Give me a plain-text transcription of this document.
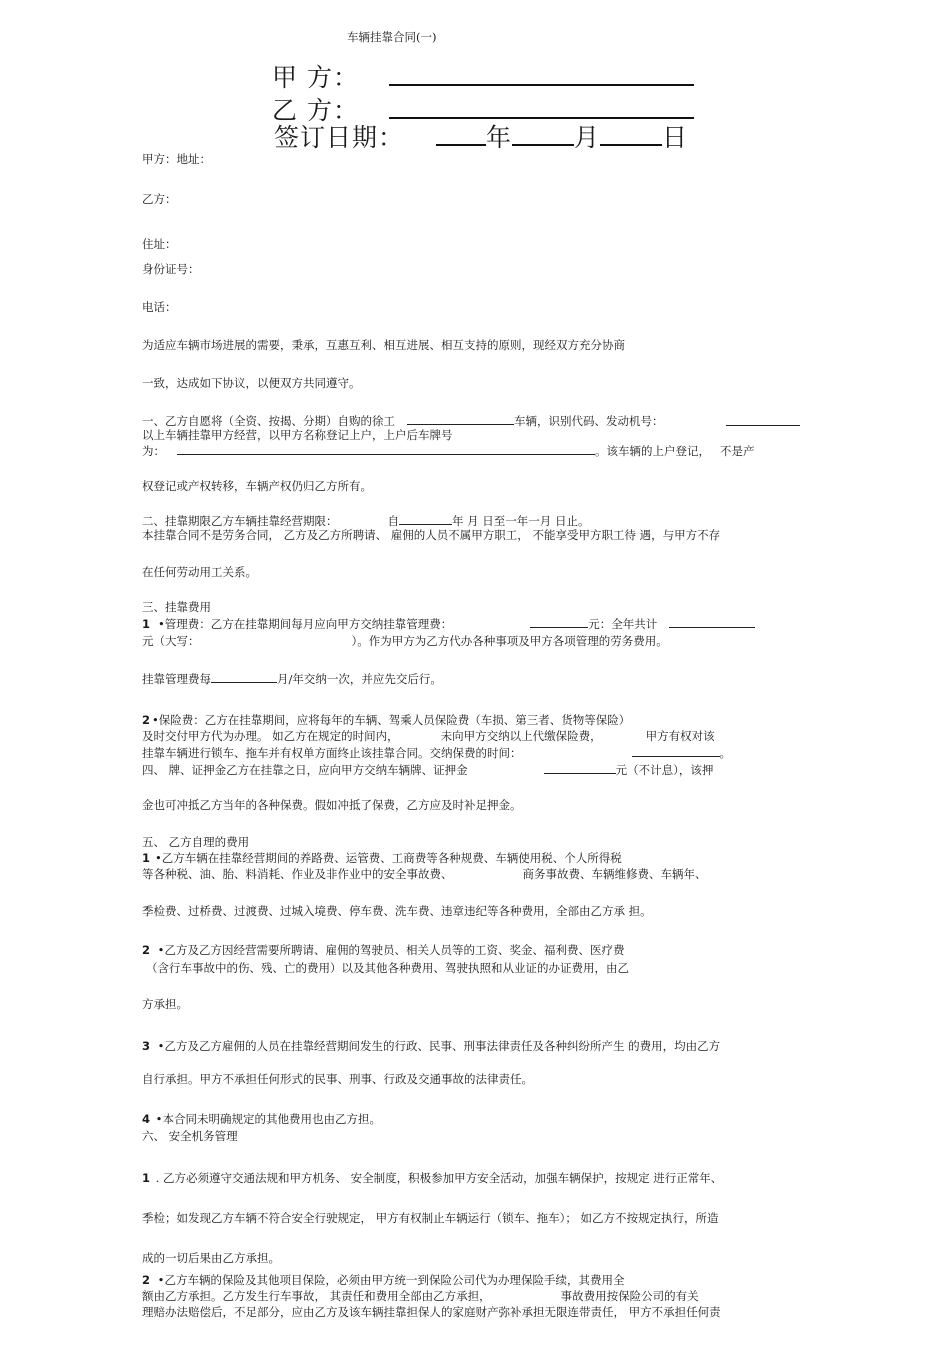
车辆挂靠合同(一)
甲 方：
乙 方：
签订日期：	年 月 日
甲方：地址：
乙方：
住址：
身份证号：
电话：
为适应车辆市场进展的需要，秉承，互惠互利、相互进展、相互支持的原则，现经双方充分协商
一致，达成如下协议，以便双方共同遵守。
一、乙方自愿将（全资、按揭、分期）自购的徐工	车辆，识别代码、发动机号：
以上车辆挂靠甲方经营，以甲方名称登记上户，上户后车牌号
为：	。该车辆的上户登记， 不是产
权登记或产权转移，车辆产权仍归乙方所有。
二、挂靠期限乙方车辆挂靠经营期限：	自	年 月 日至一年一月 日止。
本挂靠合同不是劳务合同， 乙方及乙方所聘请、 雇佣的人员不属甲方职工， 不能享受甲方职工待 遇，与甲方不存
在任何劳动用工关系。
三、挂靠费用
1 •管理费：乙方在挂靠期间每月应向甲方交纳挂靠管理费：	元：全年共计
元（大写：	）。作为甲方为乙方代办各种事项及甲方各项管理的劳务费用。
挂靠管理费每	月/年交纳一次，并应先交后行。
2 •保险费：乙方在挂靠期间，应将每年的车辆、驾乘人员保险费（车损、第三者、货物等保险）
及时交付甲方代为办理。 如乙方在规定的时间内，	未向甲方交纳以上代缴保险费，	甲方有权对该
挂靠车辆进行锁车、拖车并有权单方面终止该挂靠合同。交纳保费的时间：	。
四、 牌、证押金乙方在挂靠之日，应向甲方交纳车辆牌、证押金	元（不计息），该押
金也可冲抵乙方当年的各种保费。假如冲抵了保费，乙方应及时补足押金。
五、 乙方自理的费用
1 •乙方车辆在挂靠经营期间的养路费、运管费、工商费等各种规费、车辆使用税、个人所得税
等各种税、油、胎、料消耗、作业及非作业中的安全事故费、	商务事故费、车辆维修费、车辆年、
季检费、过桥费、过渡费、过城入境费、停车费、洗车费、违章违纪等各种费用，全部由乙方承 担。
2 •乙方及乙方因经营需要所聘请、雇佣的驾驶员、相关人员等的工资、奖金、福利费、医疗费
（含行车事故中的伤、残、亡的费用）以及其他各种费用、驾驶执照和从业证的办证费用，由乙
方承担。
3 •乙方及乙方雇佣的人员在挂靠经营期间发生的行政、民事、刑事法律责任及各种纠纷所产生 的费用，均由乙方
自行承担。甲方不承担任何形式的民事、刑事、行政及交通事故的法律责任。
4 •本合同未明确规定的其他费用也由乙方担。
六、 安全机务管理
1 . 乙方必须遵守交通法规和甲方机务、 安全制度，积极参加甲方安全活动，加强车辆保护，按规定 进行正常年、
季检；如发现乙方车辆不符合安全行驶规定， 甲方有权制止车辆运行（锁车、拖车）； 如乙方不按规定执行，所造
成的一切后果由乙方承担。
2 •乙方车辆的保险及其他项目保险，必须由甲方统一到保险公司代为办理保险手续，其费用全
额由乙方承担。乙方发生行车事故， 其责任和费用全部由乙方承担，	事故费用按保险公司的有关
理赔办法赔偿后，不足部分，应由乙方及该车辆挂靠担保人的家庭财产弥补承担无限连带责任， 甲方不承担任何责
